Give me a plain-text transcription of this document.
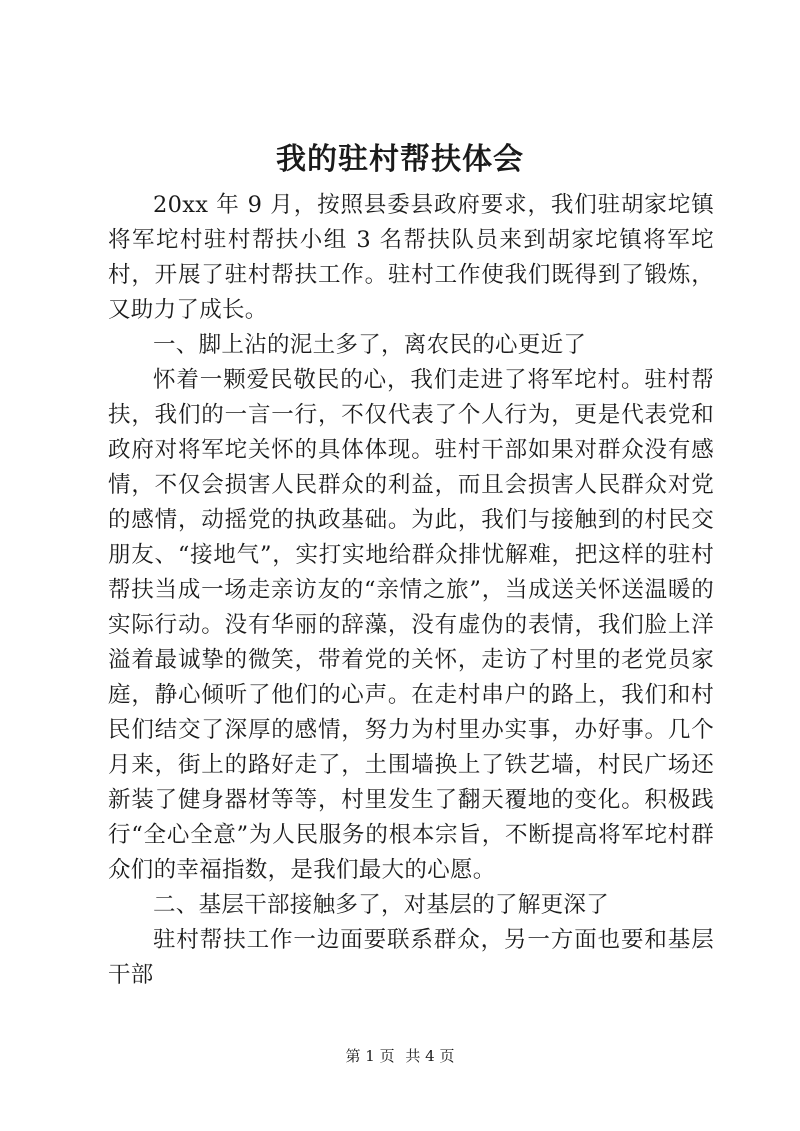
我的驻村帮扶体会

20xx 年 9 月，按照县委县政府要求，我们驻胡家坨镇将军坨村驻村帮扶小组 3 名帮扶队员来到胡家坨镇将军坨村，开展了驻村帮扶工作。驻村工作使我们既得到了锻炼，又助力了成长。

一、脚上沾的泥土多了，离农民的心更近了

怀着一颗爱民敬民的心，我们走进了将军坨村。驻村帮扶，我们的一言一行，不仅代表了个人行为，更是代表党和政府对将军坨关怀的具体体现。驻村干部如果对群众没有感情，不仅会损害人民群众的利益，而且会损害人民群众对党的感情，动摇党的执政基础。为此，我们与接触到的村民交朋友、“接地气”，实打实地给群众排忧解难，把这样的驻村帮扶当成一场走亲访友的“亲情之旅”，当成送关怀送温暖的实际行动。没有华丽的辞藻，没有虚伪的表情，我们脸上洋溢着最诚挚的微笑，带着党的关怀，走访了村里的老党员家庭，静心倾听了他们的心声。在走村串户的路上，我们和村民们结交了深厚的感情，努力为村里办实事，办好事。几个月来，街上的路好走了，土围墙换上了铁艺墙，村民广场还新装了健身器材等等，村里发生了翻天覆地的变化。积极践行“全心全意”为人民服务的根本宗旨，不断提高将军坨村群众们的幸福指数，是我们最大的心愿。

二、基层干部接触多了，对基层的了解更深了

驻村帮扶工作一边面要联系群众，另一方面也要和基层干部

第 1 页 共 4 页
